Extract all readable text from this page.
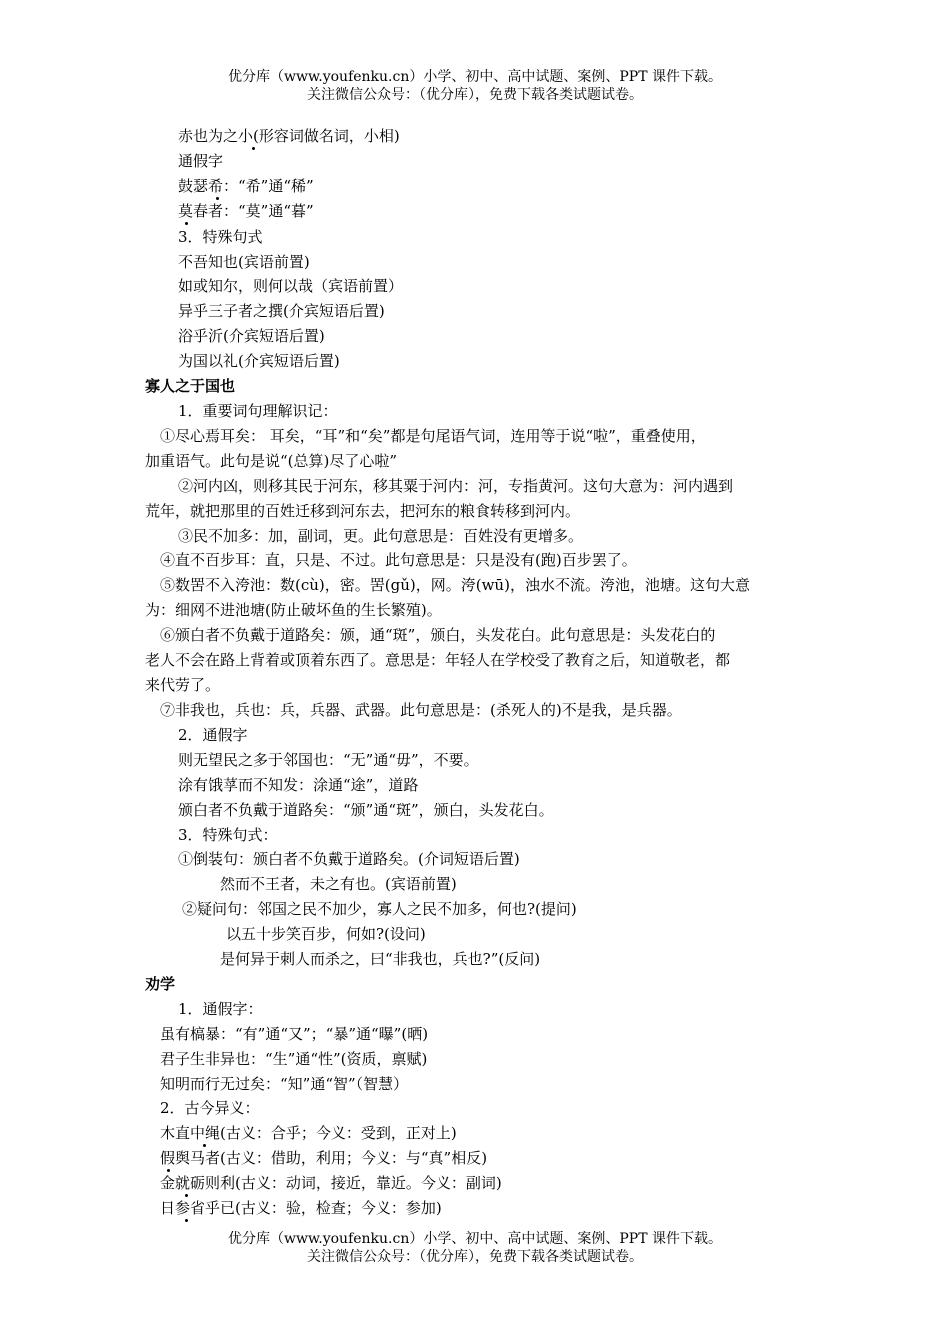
优分库（www.youfenku.cn）小学、初中、高中试题、案例、PPT 课件下载。
关注微信公众号：（优分库），免费下载各类试题试卷。
赤也为之小(形容词做名词，小相)
通假字
鼓瑟希：“希”通“稀”
莫春者：“莫”通“暮”
3．特殊句式
不吾知也(宾语前置)
如或知尔，则何以哉（宾语前置）
异乎三子者之撰(介宾短语后置)
浴乎沂(介宾短语后置)
为国以礼(介宾短语后置)
寡人之于国也
1．重要词句理解识记：
①尽心焉耳矣： 耳矣，“耳”和“矣”都是句尾语气词，连用等于说“啦”，重叠使用，
加重语气。此句是说“(总算)尽了心啦”
②河内凶，则移其民于河东，移其粟于河内：河，专指黄河。这句大意为：河内遇到
荒年，就把那里的百姓迁移到河东去，把河东的粮食转移到河内。
③民不加多：加，副词，更。此句意思是：百姓没有更增多。
④直不百步耳：直，只是、不过。此句意思是：只是没有(跑)百步罢了。
⑤数罟不入洿池：数(cù)，密。罟(gǔ)，网。洿(wū)，浊水不流。洿池，池塘。这句大意
为：细网不进池塘(防止破坏鱼的生长繁殖)。
⑥颁白者不负戴于道路矣：颁，通“斑”，颁白，头发花白。此句意思是：头发花白的
老人不会在路上背着或顶着东西了。意思是：年轻人在学校受了教育之后，知道敬老，都
来代劳了。
⑦非我也，兵也：兵，兵器、武器。此句意思是：(杀死人的)不是我，是兵器。
2．通假字
则无望民之多于邻国也：“无”通“毋”，不要。
涂有饿莩而不知发：涂通“途”，道路
颁白者不负戴于道路矣：“颁”通“斑”，颁白，头发花白。
3．特殊句式：
①倒装句：颁白者不负戴于道路矣。(介词短语后置)
然而不王者，未之有也。(宾语前置)
②疑问句：邻国之民不加少，寡人之民不加多，何也?(提问)
以五十步笑百步，何如?(设问)
是何异于刺人而杀之，曰“非我也，兵也?”(反问)
劝学
1．通假字：
虽有槁暴：“有”通“又”；“暴”通“曝”(晒)
君子生非异也：“生”通“性”(资质，禀赋)
知明而行无过矣：“知”通“智”（智慧）
2．古今异义：
木直中绳(古义：合乎；今义：受到，正对上)
假舆马者(古义：借助，利用；今义：与“真”相反)
金就砺则利(古义：动词，接近，靠近。今义：副词)
日参省乎已(古义：验，检查；今义：参加)
优分库（www.youfenku.cn）小学、初中、高中试题、案例、PPT 课件下载。
关注微信公众号：（优分库），免费下载各类试题试卷。
